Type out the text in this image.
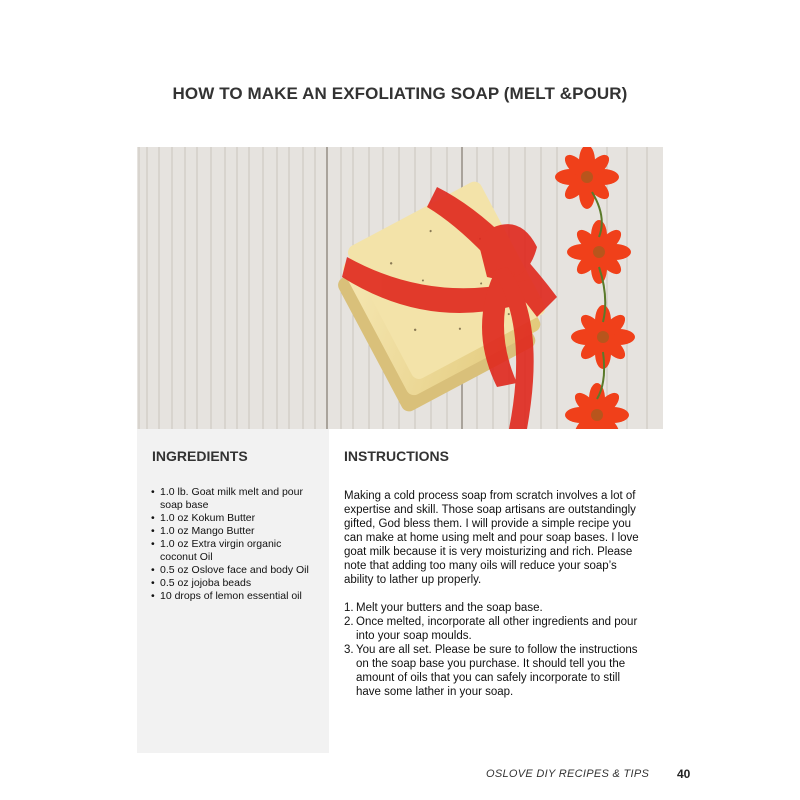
HOW TO MAKE AN EXFOLIATING SOAP (MELT &POUR)
INGREDIENTS
• 1.0 lb. Goat milk melt and pour soap base
• 1.0 oz Kokum Butter
• 1.0 oz Mango Butter
• 1.0 oz Extra virgin organic coconut Oil
• 0.5 oz Oslove face and body Oil
• 0.5 oz jojoba beads
• 10 drops of lemon essential oil
INSTRUCTIONS

Making a cold process soap from scratch involves a lot of expertise and skill. Those soap artisans are outstandingly gifted, God bless them. I will provide a simple recipe you can make at home using melt and pour soap bases. I love goat milk because it is very moisturizing and rich. Please note that adding too many oils will reduce your soap’s ability to lather up properly.

1. Melt your butters and the soap base.
2. Once melted, incorporate all other ingredients and pour into your soap moulds.
3. You are all set. Please be sure to follow the instructions on the soap base you purchase. It should tell you the amount of oils that you can safely incorporate to still have some lather in your soap.
OSLOVE DIY RECIPES & TIPS 40
